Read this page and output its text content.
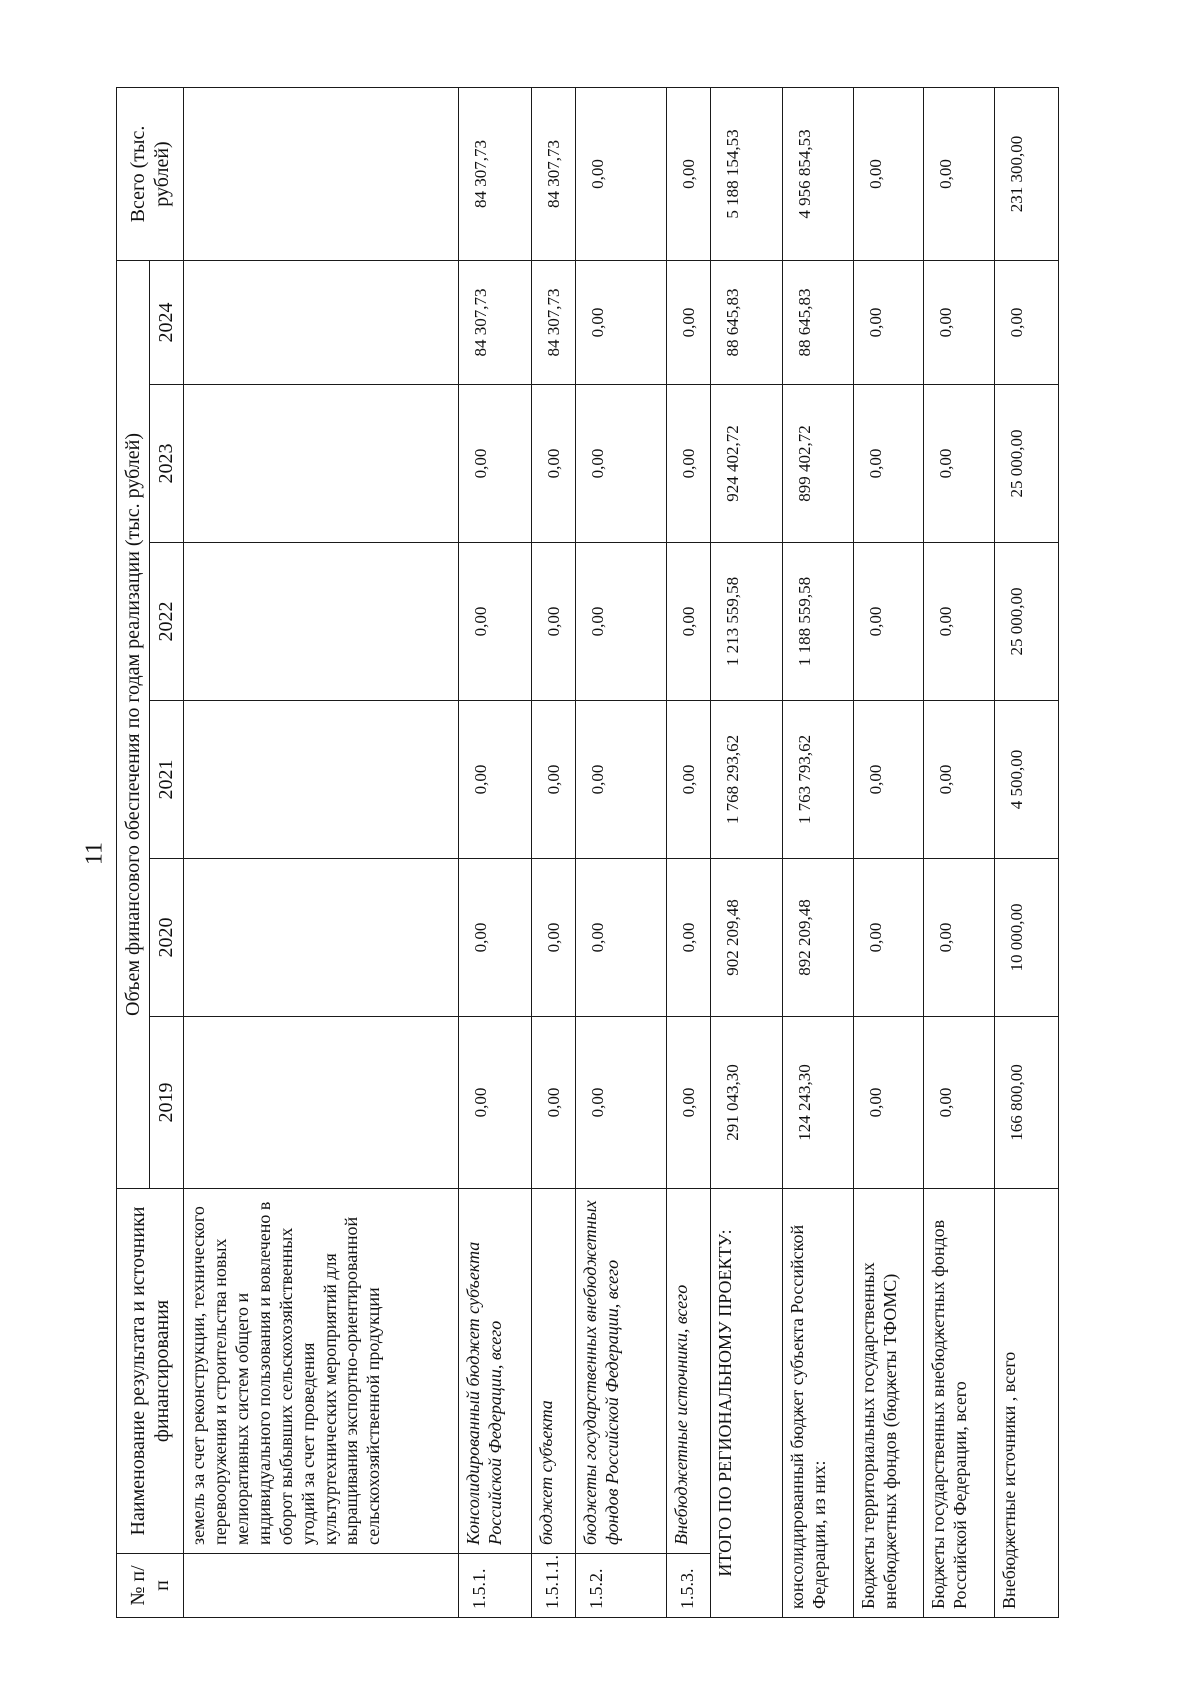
11
№ п/п	Наименование результата и источники финансирования	Объем финансового обеспечения по годам реализации (тыс. рублей)						Всего (тыс. рублей)
		2019	2020	2021	2022	2023	2024	
	земель за счет реконструкции, технического перевооружения и строительства новых мелиоративных систем общего и индивидуального пользования и вовлечено в оборот выбывших сельскохозяйственных угодий за счет проведения культуртехнических мероприятий для выращивания экспортно-ориентированной сельскохозяйственной продукции							
1.5.1.	Консолидированный бюджет субъекта Российской Федерации, всего	0,00	0,00	0,00	0,00	0,00	84 307,73	84 307,73
1.5.1.1.	бюджет субъекта	0,00	0,00	0,00	0,00	0,00	84 307,73	84 307,73
1.5.2.	бюджеты государственных внебюджетных фондов Российской Федерации, всего	0,00	0,00	0,00	0,00	0,00	0,00	0,00
1.5.3.	Внебюджетные источники, всего	0,00	0,00	0,00	0,00	0,00	0,00	0,00
ИТОГО ПО РЕГИОНАЛЬНОМУ ПРОЕКТУ:		291 043,30	902 209,48	1 768 293,62	1 213 559,58	924 402,72	88 645,83	5 188 154,53
консолидированный бюджет субъекта Российской Федерации, из них:		124 243,30	892 209,48	1 763 793,62	1 188 559,58	899 402,72	88 645,83	4 956 854,53
Бюджеты территориальных государственных внебюджетных фондов (бюджеты ТФОМС)		0,00	0,00	0,00	0,00	0,00	0,00	0,00
Бюджеты государственных внебюджетных фондов Российской Федерации, всего		0,00	0,00	0,00	0,00	0,00	0,00	0,00
Внебюджетные источники , всего		166 800,00	10 000,00	4 500,00	25 000,00	25 000,00	0,00	231 300,00
